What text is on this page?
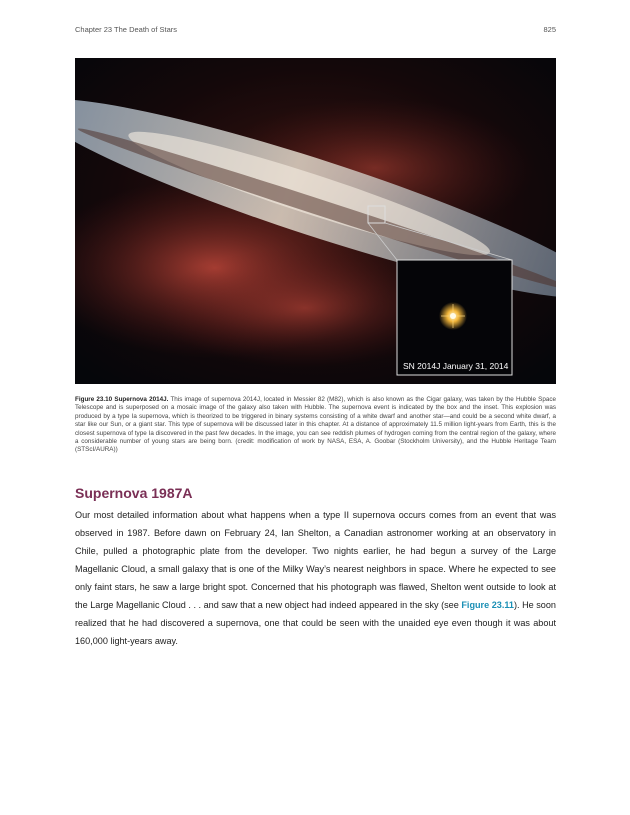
Chapter 23 The Death of Stars	825
SN 2014J January 31, 2014
Figure 23.10 Supernova 2014J. This image of supernova 2014J, located in Messier 82 (M82), which is also known as the Cigar galaxy, was taken by the Hubble Space Telescope and is superposed on a mosaic image of the galaxy also taken with Hubble. The supernova event is indicated by the box and the inset. This explosion was produced by a type Ia supernova, which is theorized to be triggered in binary systems consisting of a white dwarf and another star—and could be a second white dwarf, a star like our Sun, or a giant star. This type of supernova will be discussed later in this chapter. At a distance of approximately 11.5 million light-years from Earth, this is the closest supernova of type Ia discovered in the past few decades. In the image, you can see reddish plumes of hydrogen coming from the central region of the galaxy, where a considerable number of young stars are being born. (credit: modification of work by NASA, ESA, A. Goobar (Stockholm University), and the Hubble Heritage Team (STScI/AURA))
Supernova 1987A

Our most detailed information about what happens when a type II supernova occurs comes from an event that was observed in 1987. Before dawn on February 24, Ian Shelton, a Canadian astronomer working at an observatory in Chile, pulled a photographic plate from the developer. Two nights earlier, he had begun a survey of the Large Magellanic Cloud, a small galaxy that is one of the Milky Way’s nearest neighbors in space. Where he expected to see only faint stars, he saw a large bright spot. Concerned that his photograph was flawed, Shelton went outside to look at the Large Magellanic Cloud . . . and saw that a new object had indeed appeared in the sky (see Figure 23.11). He soon realized that he had discovered a supernova, one that could be seen with the unaided eye even though it was about 160,000 light-years away.
